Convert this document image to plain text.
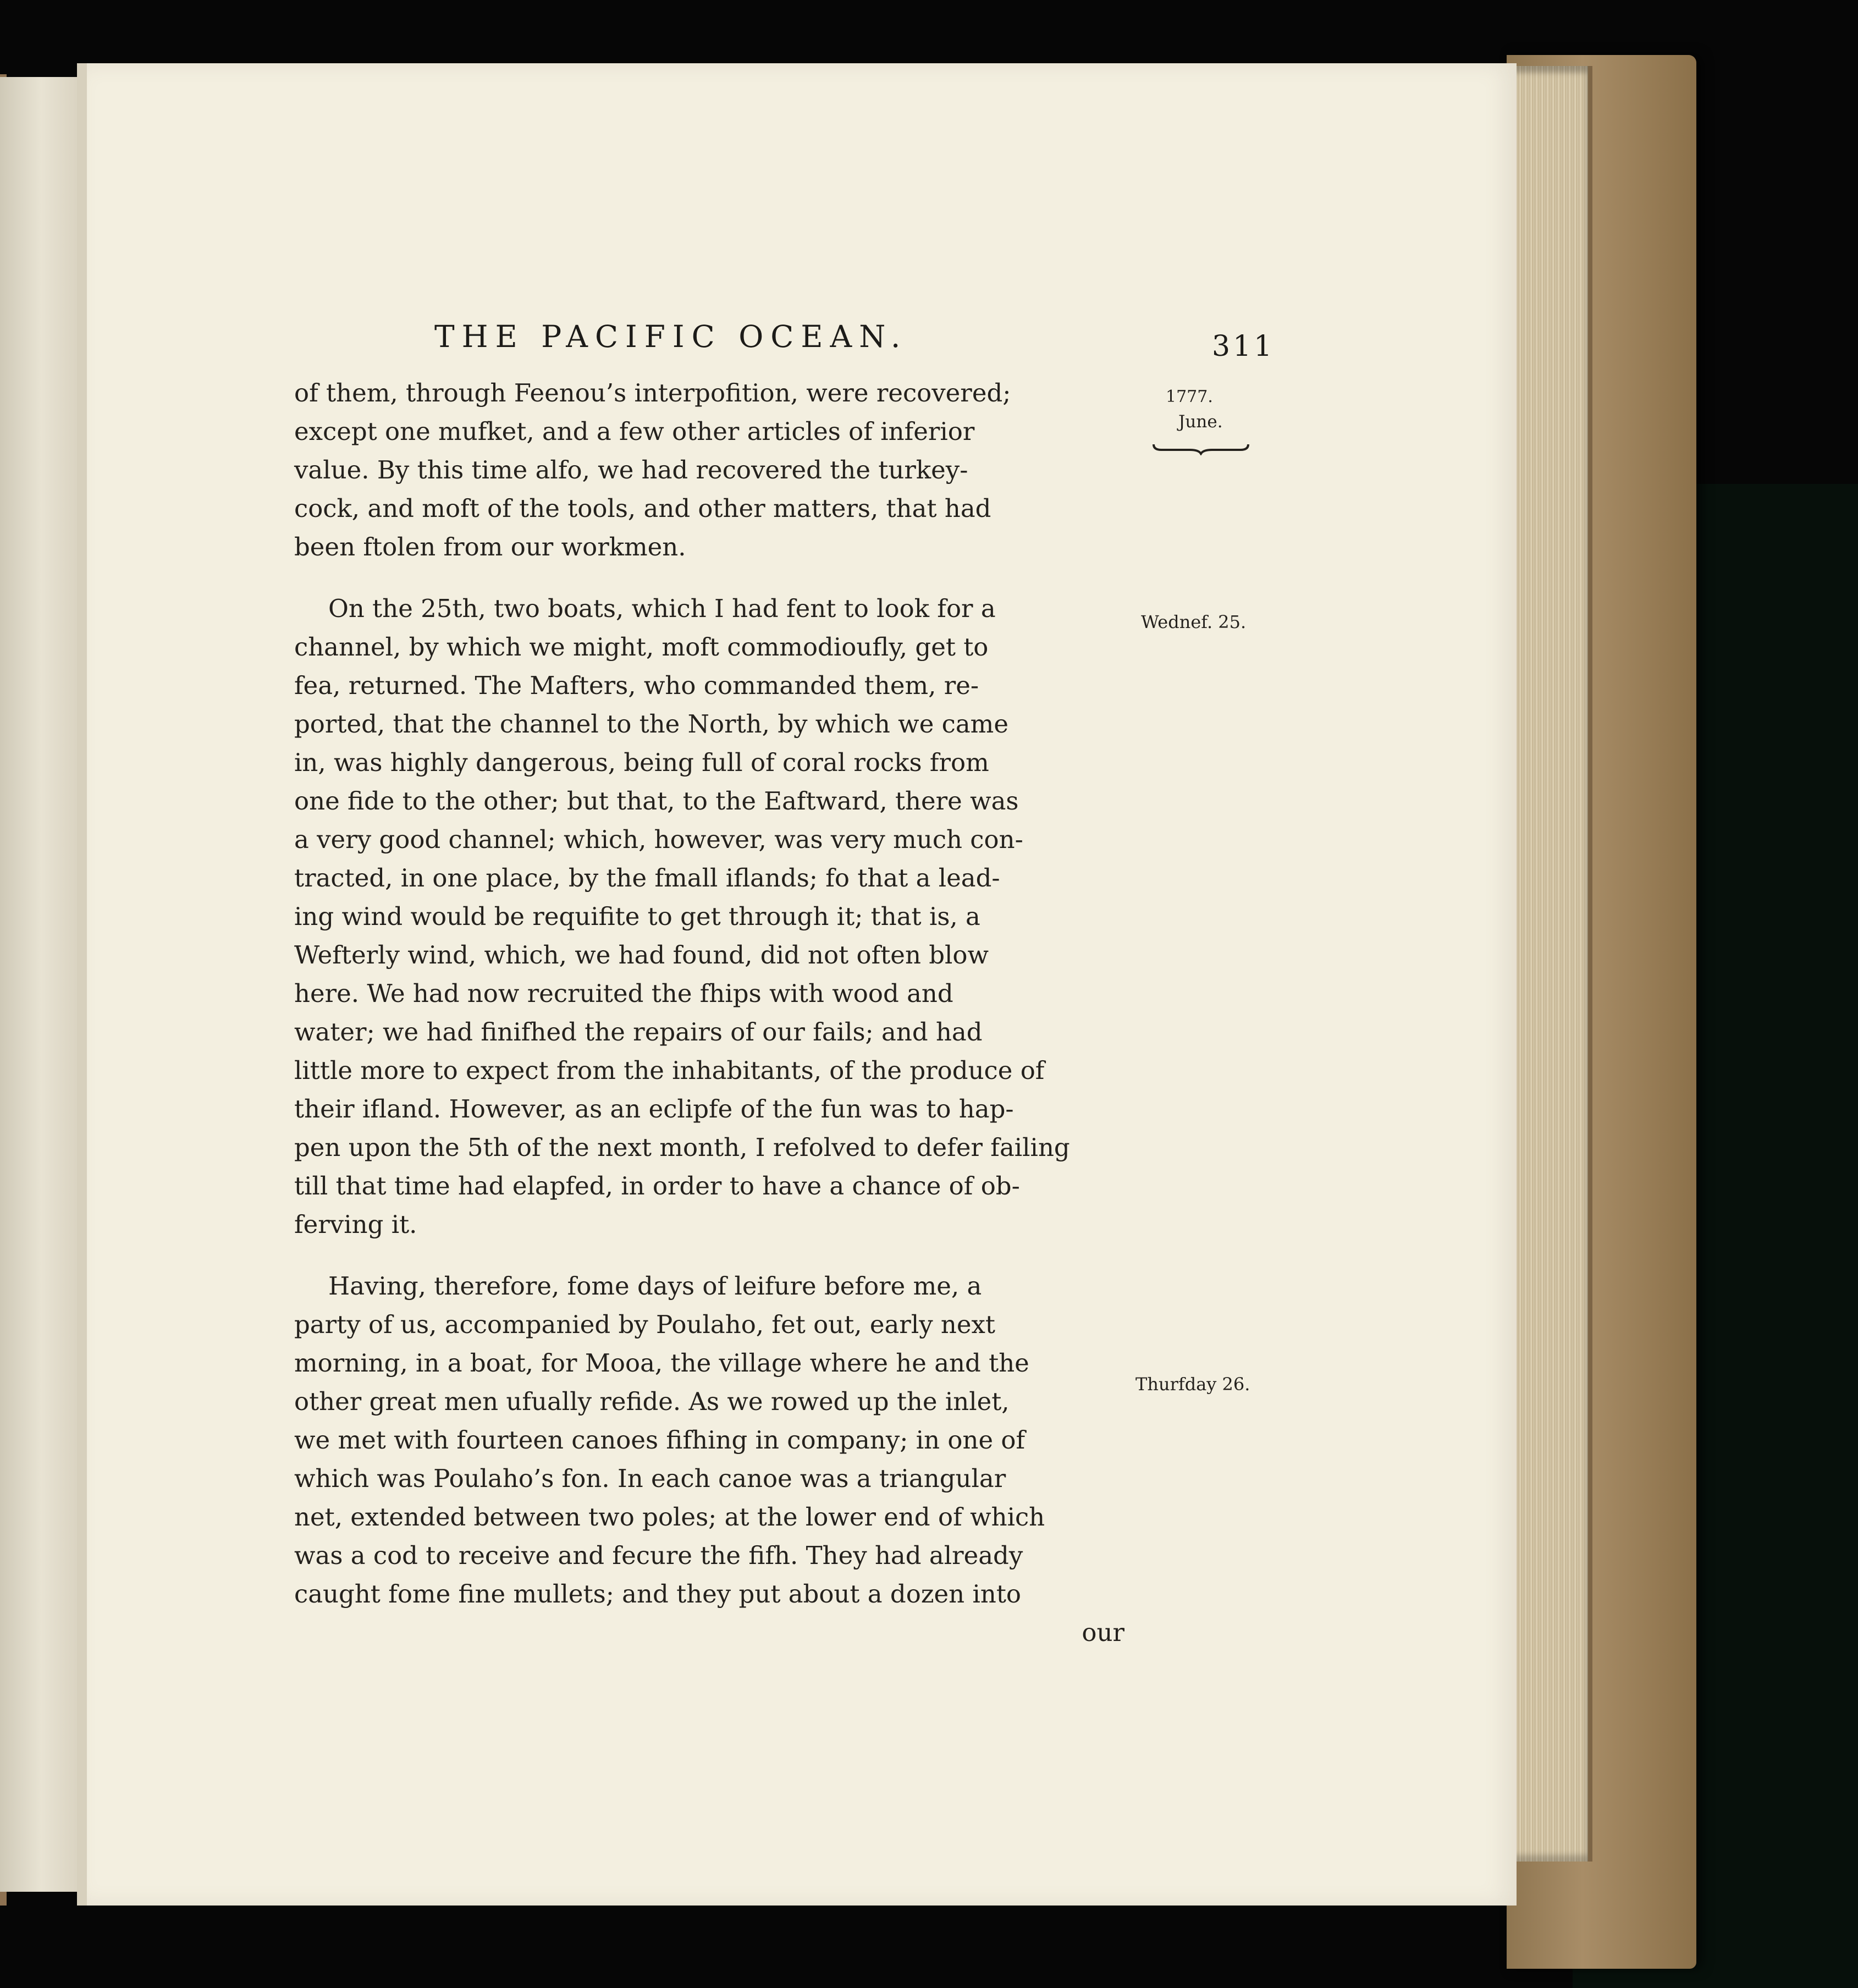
THE PACIFIC OCEAN.	311
1777.
June.
Wednef. 25.
Thurfday 26.

of them, through Feenou’s interpofition, were recovered;
except one mufket, and a few other articles of inferior
value. By this time alfo, we had recovered the turkey-
cock, and moft of the tools, and other matters, that had
been ftolen from our workmen.

On the 25th, two boats, which I had fent to look for a
channel, by which we might, moft commodioufly, get to
fea, returned. The Mafters, who commanded them, re-
ported, that the channel to the North, by which we came
in, was highly dangerous, being full of coral rocks from
one fide to the other; but that, to the Eaftward, there was
a very good channel; which, however, was very much con-
tracted, in one place, by the fmall iflands; fo that a lead-
ing wind would be requifite to get through it; that is, a
Wefterly wind, which, we had found, did not often blow
here. We had now recruited the fhips with wood and
water; we had finifhed the repairs of our fails; and had
little more to expect from the inhabitants, of the produce of
their ifland. However, as an eclipfe of the fun was to hap-
pen upon the 5th of the next month, I refolved to defer failing
till that time had elapfed, in order to have a chance of ob-
ferving it.

Having, therefore, fome days of leifure before me, a
party of us, accompanied by Poulaho, fet out, early next
morning, in a boat, for Mooa, the village where he and the
other great men ufually refide. As we rowed up the inlet,
we met with fourteen canoes fifhing in company; in one of
which was Poulaho’s fon. In each canoe was a triangular
net, extended between two poles; at the lower end of which
was a cod to receive and fecure the fifh. They had already
caught fome fine mullets; and they put about a dozen into

our
